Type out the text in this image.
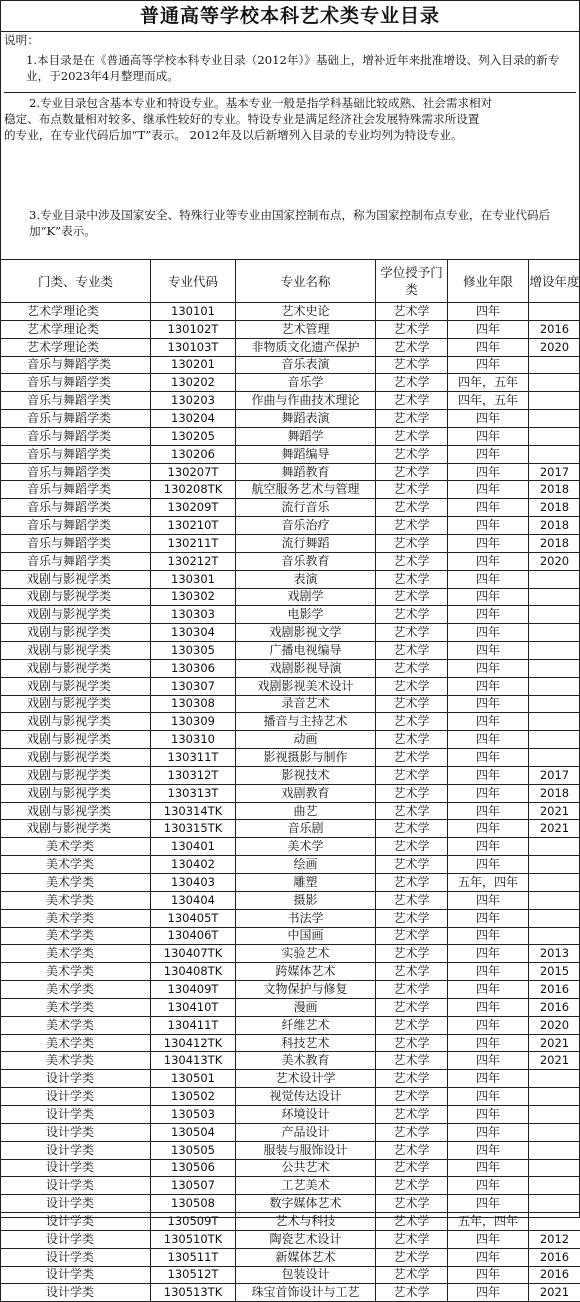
普通高等学校本科艺术类专业目录
说明：

1.本目录是在《普通高等学校本科专业目录（2012年）》基础上，增补近年来批准增设、列入目录的新专业，于2023年4月整理而成。

2.专业目录包含基本专业和特设专业。基本专业一般是指学科基础比较成熟、社会需求相对

稳定、布点数量相对较多、继承性较好的专业。特设专业是满足经济社会发展特殊需求所设置

的专业，在专业代码后加“T”表示。 2012年及以后新增列入目录的专业均列为特设专业。

3.专业目录中涉及国家安全、特殊行业等专业由国家控制布点，称为国家控制布点专业，在专业代码后加“K”表示。

门类、专业类	专业代码	专业名称	学位授予门类	修业年限	增设年度
艺术学理论类	130101	艺术史论	艺术学	四年	
艺术学理论类	130102T	艺术管理	艺术学	四年	2016
艺术学理论类	130103T	非物质文化遗产保护	艺术学	四年	2020
音乐与舞蹈学类	130201	音乐表演	艺术学	四年	
音乐与舞蹈学类	130202	音乐学	艺术学	四年，五年	
音乐与舞蹈学类	130203	作曲与作曲技术理论	艺术学	四年，五年	
音乐与舞蹈学类	130204	舞蹈表演	艺术学	四年	
音乐与舞蹈学类	130205	舞蹈学	艺术学	四年	
音乐与舞蹈学类	130206	舞蹈编导	艺术学	四年	
音乐与舞蹈学类	130207T	舞蹈教育	艺术学	四年	2017
音乐与舞蹈学类	130208TK	航空服务艺术与管理	艺术学	四年	2018
音乐与舞蹈学类	130209T	流行音乐	艺术学	四年	2018
音乐与舞蹈学类	130210T	音乐治疗	艺术学	四年	2018
音乐与舞蹈学类	130211T	流行舞蹈	艺术学	四年	2018
音乐与舞蹈学类	130212T	音乐教育	艺术学	四年	2020
戏剧与影视学类	130301	表演	艺术学	四年	
戏剧与影视学类	130302	戏剧学	艺术学	四年	
戏剧与影视学类	130303	电影学	艺术学	四年	
戏剧与影视学类	130304	戏剧影视文学	艺术学	四年	
戏剧与影视学类	130305	广播电视编导	艺术学	四年	
戏剧与影视学类	130306	戏剧影视导演	艺术学	四年	
戏剧与影视学类	130307	戏剧影视美术设计	艺术学	四年	
戏剧与影视学类	130308	录音艺术	艺术学	四年	
戏剧与影视学类	130309	播音与主持艺术	艺术学	四年	
戏剧与影视学类	130310	动画	艺术学	四年	
戏剧与影视学类	130311T	影视摄影与制作	艺术学	四年	
戏剧与影视学类	130312T	影视技术	艺术学	四年	2017
戏剧与影视学类	130313T	戏剧教育	艺术学	四年	2018
戏剧与影视学类	130314TK	曲艺	艺术学	四年	2021
戏剧与影视学类	130315TK	音乐剧	艺术学	四年	2021
美术学类	130401	美术学	艺术学	四年	
美术学类	130402	绘画	艺术学	四年	
美术学类	130403	雕塑	艺术学	五年，四年	
美术学类	130404	摄影	艺术学	四年	
美术学类	130405T	书法学	艺术学	四年	
美术学类	130406T	中国画	艺术学	四年	
美术学类	130407TK	实验艺术	艺术学	四年	2013
美术学类	130408TK	跨媒体艺术	艺术学	四年	2015
美术学类	130409T	文物保护与修复	艺术学	四年	2016
美术学类	130410T	漫画	艺术学	四年	2016
美术学类	130411T	纤维艺术	艺术学	四年	2020
美术学类	130412TK	科技艺术	艺术学	四年	2021
美术学类	130413TK	美术教育	艺术学	四年	2021
设计学类	130501	艺术设计学	艺术学	四年	
设计学类	130502	视觉传达设计	艺术学	四年	
设计学类	130503	环境设计	艺术学	四年	
设计学类	130504	产品设计	艺术学	四年	
设计学类	130505	服装与服饰设计	艺术学	四年	
设计学类	130506	公共艺术	艺术学	四年	
设计学类	130507	工艺美术	艺术学	四年	
设计学类	130508	数字媒体艺术	艺术学	四年	
设计学类	130509T	艺术与科技	艺术学	五年，四年	
设计学类	130510TK	陶瓷艺术设计	艺术学	四年	2012
设计学类	130511T	新媒体艺术	艺术学	四年	2016
设计学类	130512T	包装设计	艺术学	四年	2016
设计学类	130513TK	珠宝首饰设计与工艺	艺术学	四年	2021
